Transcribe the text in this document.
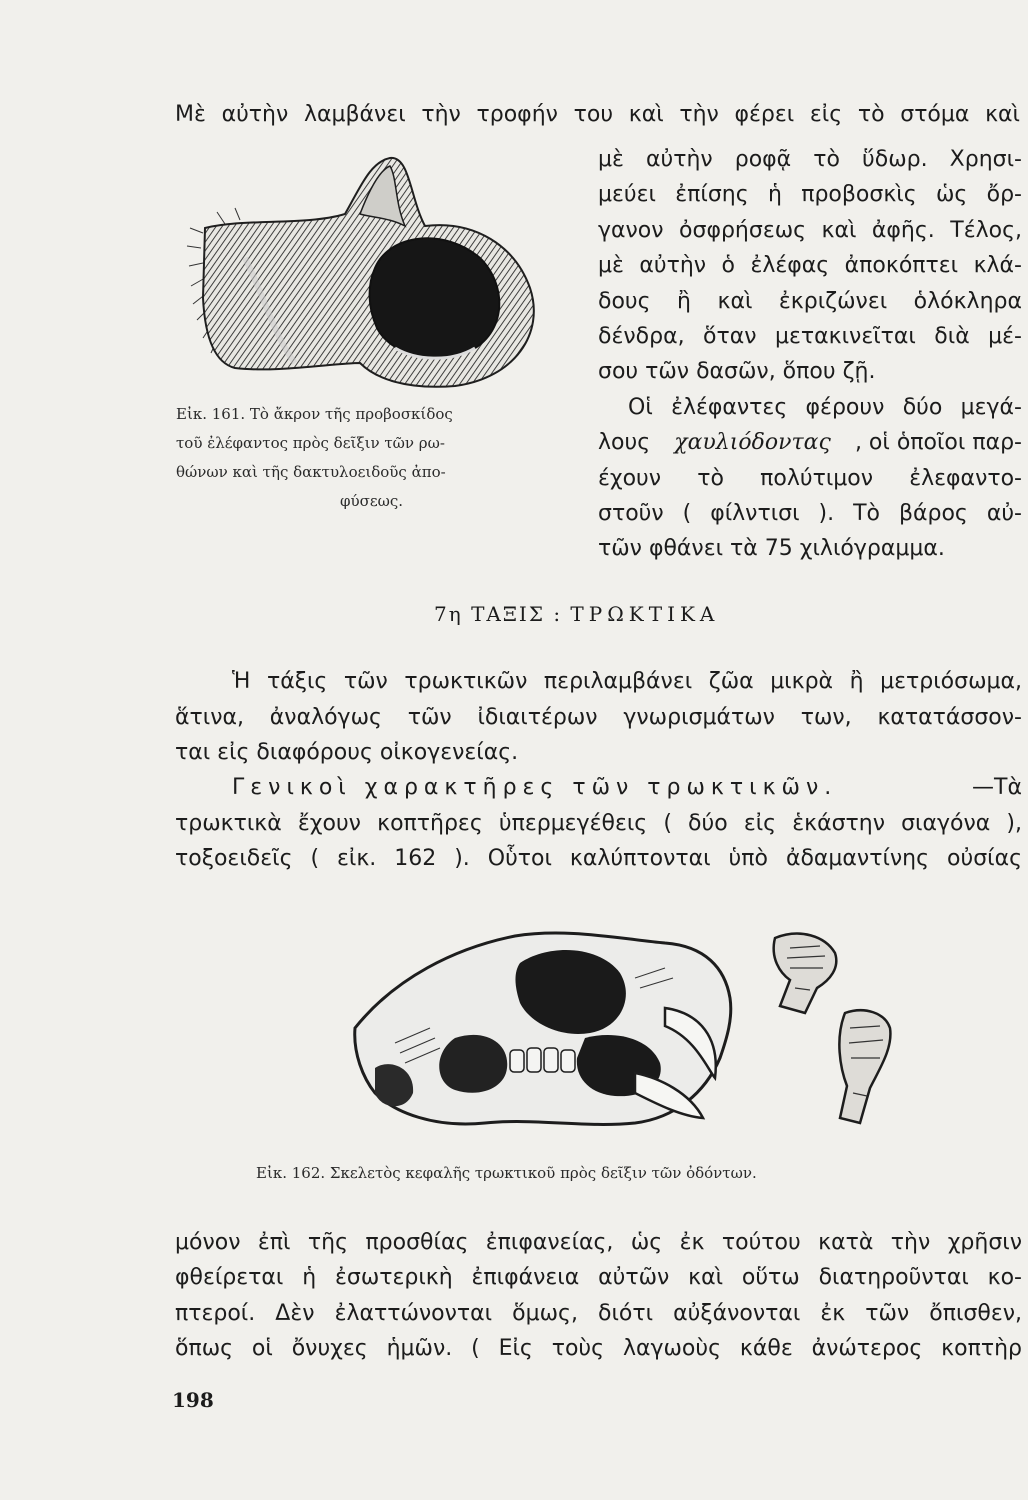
Μὲ αὐτὴν λαμβάνει τὴν τροφήν του καὶ τὴν φέρει εἰς τὸ στόμα καὶ
Εἰκ. 161. Τὸ ἄκρον τῆς προβοσκίδος
τοῦ ἐλέφαντος πρὸς δεῖξιν τῶν ρω-
θώνων καὶ τῆς δακτυλοειδοῦς ἀπο-
φύσεως.
μὲ αὐτὴν ροφᾷ τὸ ὕδωρ. Χρησι-
μεύει ἐπίσης ἡ προβοσκὶς ὡς ὄρ-
γανον ὀσφρήσεως καὶ ἀφῆς. Τέλος,
μὲ αὐτὴν ὁ ἐλέφας ἀποκόπτει κλά-
δους ἢ καὶ ἐκριζώνει ὁλόκληρα
δένδρα, ὅταν μετακινεῖται διὰ μέ-
σου τῶν δασῶν, ὅπου ζῇ.
Οἱ ἐλέφαντες φέρουν δύο μεγά-
λους χαυλιόδοντας , οἱ ὁποῖοι παρ-
έχουν τὸ πολύτιμον ἐλεφαντο-
στοῦν ( φίλντισι ). Τὸ βάρος αὐ-
τῶν φθάνει τὰ 75 χιλιόγραμμα.
7η ΤΑΞΙΣ : ΤΡΩΚΤΙΚΑ
Ἡ τάξις τῶν τρωκτικῶν περιλαμβάνει ζῶα μικρὰ ἢ μετριόσωμα,
ἅτινα, ἀναλόγως τῶν ἰδιαιτέρων γνωρισμάτων των, κατατάσσον-
ται εἰς διαφόρους οἰκογενείας.
Γενικοὶ χαρακτῆρες τῶν τρωκτικῶν.	—Τὰ
τρωκτικὰ ἔχουν κοπτῆρες ὑπερμεγέθεις ( δύο εἰς ἑκάστην σιαγόνα ),
τοξοειδεῖς ( εἰκ. 162 ). Οὗτοι καλύπτονται ὑπὸ ἀδαμαντίνης οὐσίας
Εἰκ. 162. Σκελετὸς κεφαλῆς τρωκτικοῦ πρὸς δεῖξιν τῶν ὀδόντων.
μόνον ἐπὶ τῆς προσθίας ἐπιφανείας, ὡς ἐκ τούτου κατὰ τὴν χρῆσιν
φθείρεται ἡ ἐσωτερικὴ ἐπιφάνεια αὐτῶν καὶ οὕτω διατηροῦνται κο-
πτεροί. Δὲν ἐλαττώνονται ὅμως, διότι αὐξάνονται ἐκ τῶν ὄπισθεν,
ὅπως οἱ ὄνυχες ἡμῶν. ( Εἰς τοὺς λαγωοὺς κάθε ἀνώτερος κοπτὴρ
198
